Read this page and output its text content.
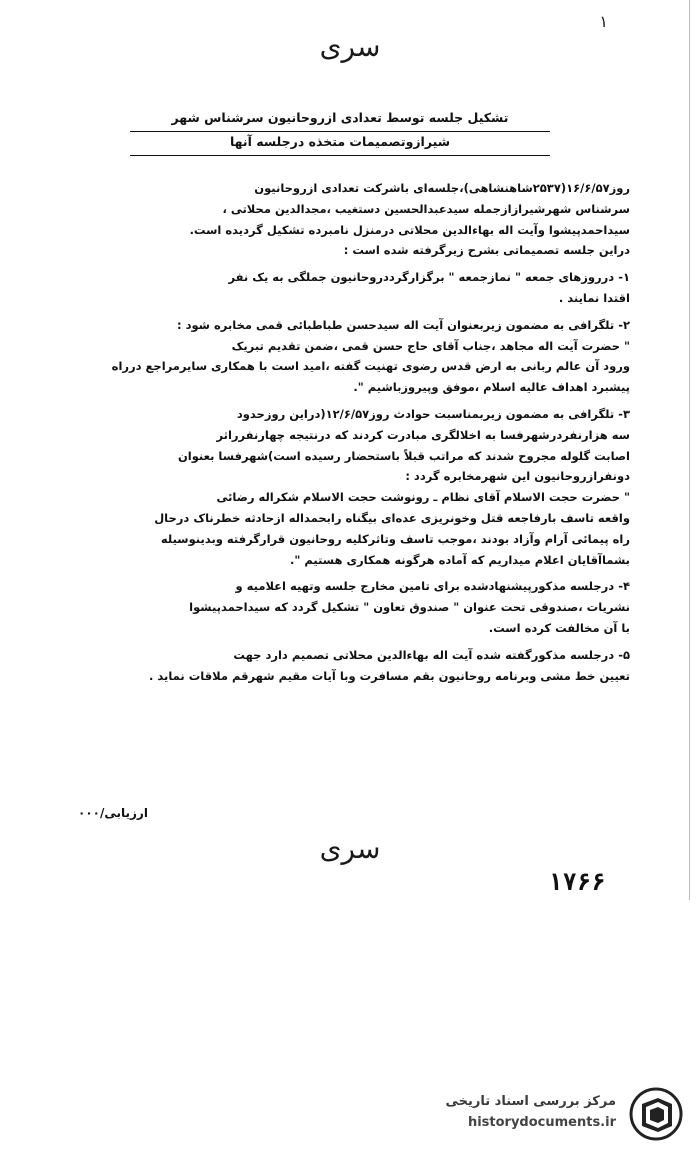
١
سری
تشکیل جلسه توسط تعدادی ازروحانیون سرشناس شهر
شیرازوتصمیمات متخذه درجلسه آنها
روز۱۶/۶/۵۷(۲۵۳۷شاهنشاهی)،جلسه‌ای باشرکت تعدادی ازروحانیون
سرشناس شهرشیرازازجمله سیدعبدالحسین دستغیب ،مجدالدین محلاتی ،
سیداحمدپیشوا وآیت اله بهاءالدین محلاتی درمنزل نامبرده تشکیل گردیده است.
دراین جلسه تصمیماتی بشرح زیرگرفته شده است :
۱- درروزهای جمعه " نمازجمعه " برگزارگرددروحانیون جملگی به یک نفر
اقتدا نمایند .
۲- تلگرافی به مضمون زیربعنوان آیت اله سیدحسن طباطبائی قمی مخابره شود :
" حضرت آیت اله مجاهد ،جناب آقای حاج حسن قمی ،ضمن تقدیم تبریک
ورود آن عالم ربانی به ارض قدس رضوی تهنیت گفته ،امید است با همکاری سایرمراجع درراه
پیشبرد اهداف عالیه اسلام ،موفق وپیروزباشیم ".
۳- تلگرافی به مضمون زیربمناسبت حوادث روز۱۲/۶/۵۷(دراین روزحدود
سه هزارنفردرشهرفسا به اخلالگری مبادرت کردند که درنتیجه چهارنفرراثر
اصابت گلوله مجروح شدند که مراتب قبلاً باستحضار رسیده است)شهرفسا بعنوان
دونفرازروحانیون این شهرمخابره گردد :
" حضرت حجت الاسلام آقای نظام ـ رونوشت حجت الاسلام شکراله رضائی
واقعه تاسف بارفاجعه قتل وخونریزی عده‌ای بیگناه رابحمداله ازحادثه خطرناک درحال
راه پیمائی آرام وآزاد بودند ،موجب تاسف وتاثرکلیه روحانیون قرارگرفته وبدینوسیله
بشماآقایان اعلام میداریم که آماده هرگونه همکاری هستیم ".
۴- درجلسه مذکورپیشنهادشده برای تامین مخارج جلسه وتهیه اعلامیه و
نشریات ،صندوقی تحت عنوان " صندوق تعاون " تشکیل گردد که سیداحمدپیشوا
با آن مخالفت کرده است.
۵- درجلسه مذکورگفته شده آیت اله بهاءالدین محلاتی تصمیم دارد جهت
تعیین خط مشی وبرنامه روحانیون بقم مسافرت وبا آیات مقیم شهرقم ملاقات نماید .
ارزیابی/۰۰۰
سری
۱۷۶۶
مرکز بررسی اسناد تاریخی
historydocuments.ir
